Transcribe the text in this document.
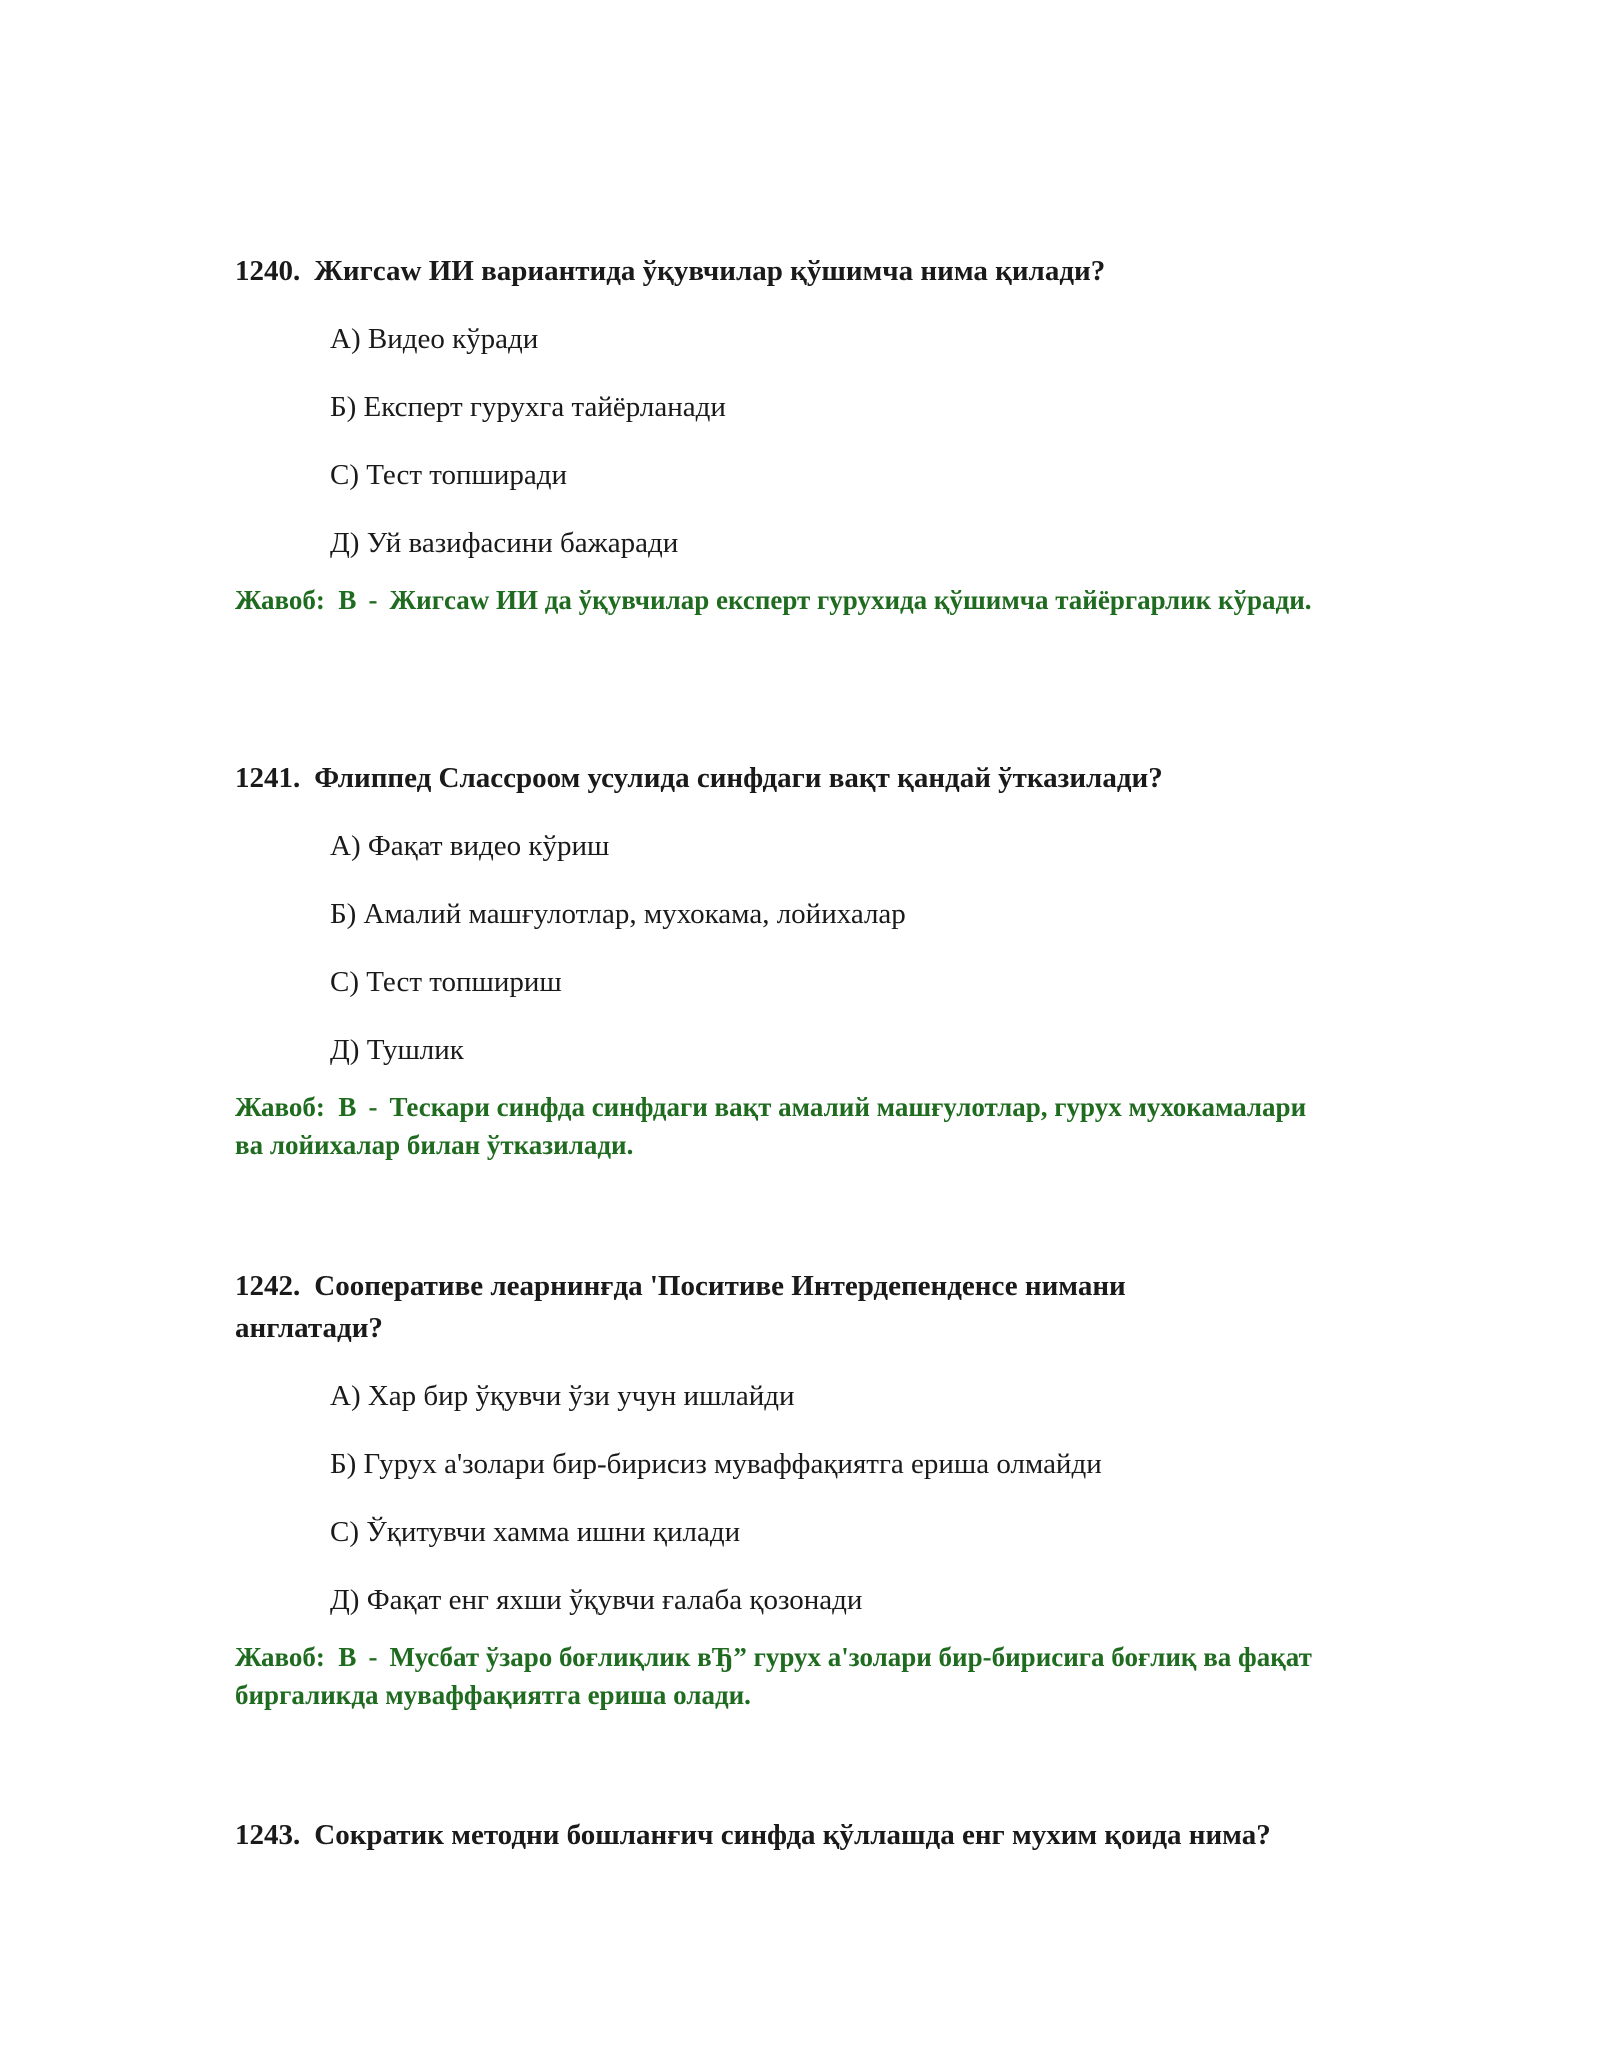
1240. Жигсаw ИИ вариантида ўқувчилар қўшимча нима қилади?

А) Видео кўради

Б) Експерт гурухга тайёрланади

С) Тест топширади

Д) Уй вазифасини бажаради

Жавоб: B - Жигсаw ИИ да ўқувчилар експерт гурухида қўшимча тайёргарлик кўради.

1241. Флиппед Слассроом усулида синфдаги вақт қандай ўтказилади?

А) Фақат видео кўриш

Б) Амалий машғулотлар, мухокама, лойихалар

С) Тест топшириш

Д) Тушлик

Жавоб: B - Тескари синфда синфдаги вақт амалий машғулотлар, гурух мухокамалари ва лойихалар билан ўтказилади.

1242. Соoперативе леарнинғда 'Поситиве Интердепенденсе нимани англатади?

А) Хар бир ўқувчи ўзи учун ишлайди

Б) Гурух а'золари бир-бирисиз муваффақиятга ериша олмайди

С) Ўқитувчи хамма ишни қилади

Д) Фақат енг яхши ўқувчи ғалаба қозонади

Жавоб: B - Мусбат ўзаро боғлиқлик вЂ” гурух а'золари бир-бирисига боғлиқ ва фақат биргаликда муваффақиятга ериша олади.

1243. Сократик методни бошланғич синфда қўллашда енг мухим қоида нима?
